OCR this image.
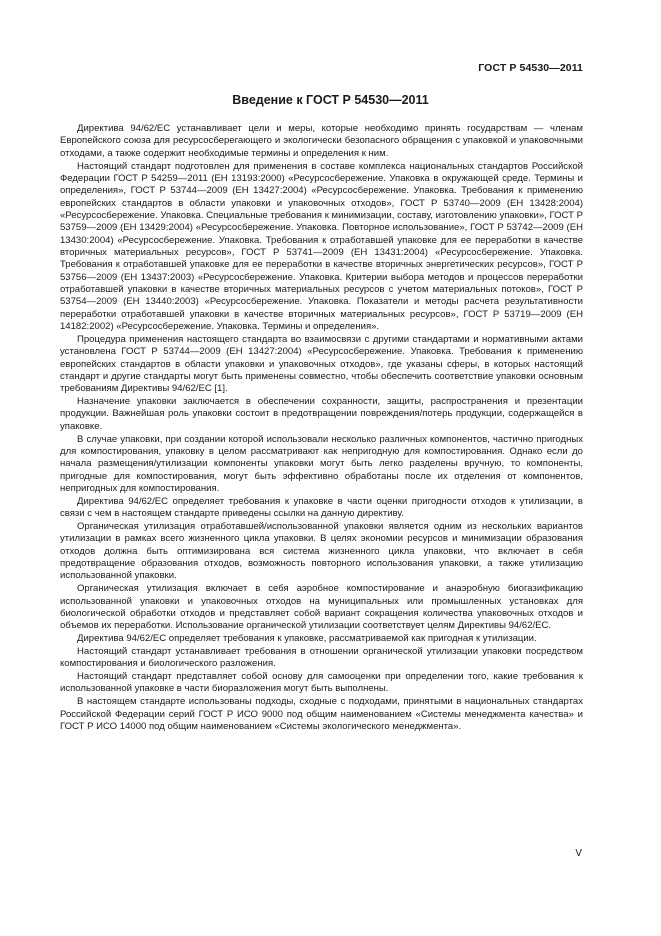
ГОСТ Р 54530—2011
Введение к ГОСТ Р 54530—2011

Директива 94/62/ЕС устанавливает цели и меры, которые необходимо принять государствам — членам Европейского союза для ресурсосберегающего и экологически безопасного обращения с упаковкой и упаковочными отходами, а также содержит необходимые термины и определения к ним.

Настоящий стандарт подготовлен для применения в составе комплекса национальных стандартов Российской Федерации ГОСТ Р 54259—2011 (ЕН 13193:2000) «Ресурсосбережение. Упаковка в окружающей среде. Термины и определения», ГОСТ Р 53744—2009 (ЕН 13427:2004) «Ресурсосбережение. Упаковка. Требования к применению европейских стандартов в области упаковки и упаковочных отходов», ГОСТ Р 53740—2009 (ЕН 13428:2004) «Ресурсосбережение. Упаковка. Специальные требования к минимизации, составу, изготовлению упаковки», ГОСТ Р 53759—2009 (ЕН 13429:2004) «Ресурсосбережение. Упаковка. Повторное использование», ГОСТ Р 53742—2009 (ЕН 13430:2004) «Ресурсосбережение. Упаковка. Требования к отработавшей упаковке для ее переработки в качестве вторичных материальных ресурсов», ГОСТ Р 53741—2009 (ЕН 13431:2004) «Ресурсосбережение. Упаковка. Требования к отработавшей упаковке для ее переработки в качестве вторичных энергетических ресурсов», ГОСТ Р 53756—2009 (ЕН 13437:2003) «Ресурсосбережение. Упаковка. Критерии выбора методов и процессов переработки отработавшей упаковки в качестве вторичных материальных ресурсов с учетом материальных потоков», ГОСТ Р 53754—2009 (ЕН 13440:2003) «Ресурсосбережение. Упаковка. Показатели и методы расчета результативности переработки отработавшей упаковки в качестве вторичных материальных ресурсов», ГОСТ Р 53719—2009 (ЕН 14182:2002) «Ресурсосбережение. Упаковка. Термины и определения».

Процедура применения настоящего стандарта во взаимосвязи с другими стандартами и нормативными актами установлена ГОСТ Р 53744—2009 (ЕН 13427:2004) «Ресурсосбережение. Упаковка. Требования к применению европейских стандартов в области упаковки и упаковочных отходов», где указаны сферы, в которых настоящий стандарт и другие стандарты могут быть применены совместно, чтобы обеспечить соответствие упаковки основным требованиям Директивы 94/62/ЕС [1].

Назначение упаковки заключается в обеспечении сохранности, защиты, распространения и презентации продукции. Важнейшая роль упаковки состоит в предотвращении повреждения/потерь продукции, содержащейся в упаковке.

В случае упаковки, при создании которой использовали несколько различных компонентов, частично пригодных для компостирования, упаковку в целом рассматривают как непригодную для компостирования. Однако если до начала размещения/утилизации компоненты упаковки могут быть легко разделены вручную, то компоненты, пригодные для компостирования, могут быть эффективно обработаны после их отделения от компонентов, непригодных для компостирования.

Директива 94/62/ЕС определяет требования к упаковке в части оценки пригодности отходов к утилизации, в связи с чем в настоящем стандарте приведены ссылки на данную директиву.

Органическая утилизация отработавшей/использованной упаковки является одним из нескольких вариантов утилизации в рамках всего жизненного цикла упаковки. В целях экономии ресурсов и минимизации образования отходов должна быть оптимизирована вся система жизненного цикла упаковки, что включает в себя предотвращение образования отходов, возможность повторного использования упаковки, а также утилизацию использованной упаковки.

Органическая утилизация включает в себя аэробное компостирование и анаэробную биогазификацию использованной упаковки и упаковочных отходов на муниципальных или промышленных установках для биологической обработки отходов и представляет собой вариант сокращения количества упаковочных отходов и объемов их переработки. Использование органической утилизации соответствует целям Директивы 94/62/ЕС.

Директива 94/62/ЕС определяет требования к упаковке, рассматриваемой как пригодная к утилизации.

Настоящий стандарт устанавливает требования в отношении органической утилизации упаковки посредством компостирования и биологического разложения.

Настоящий стандарт представляет собой основу для самооценки при определении того, какие требования к использованной упаковке в части биоразложения могут быть выполнены.

В настоящем стандарте использованы подходы, сходные с подходами, принятыми в национальных стандартах Российской Федерации серий ГОСТ Р ИСО 9000 под общим наименованием «Системы менеджмента качества» и ГОСТ Р ИСО 14000 под общим наименованием «Системы экологического менеджмента».

V
